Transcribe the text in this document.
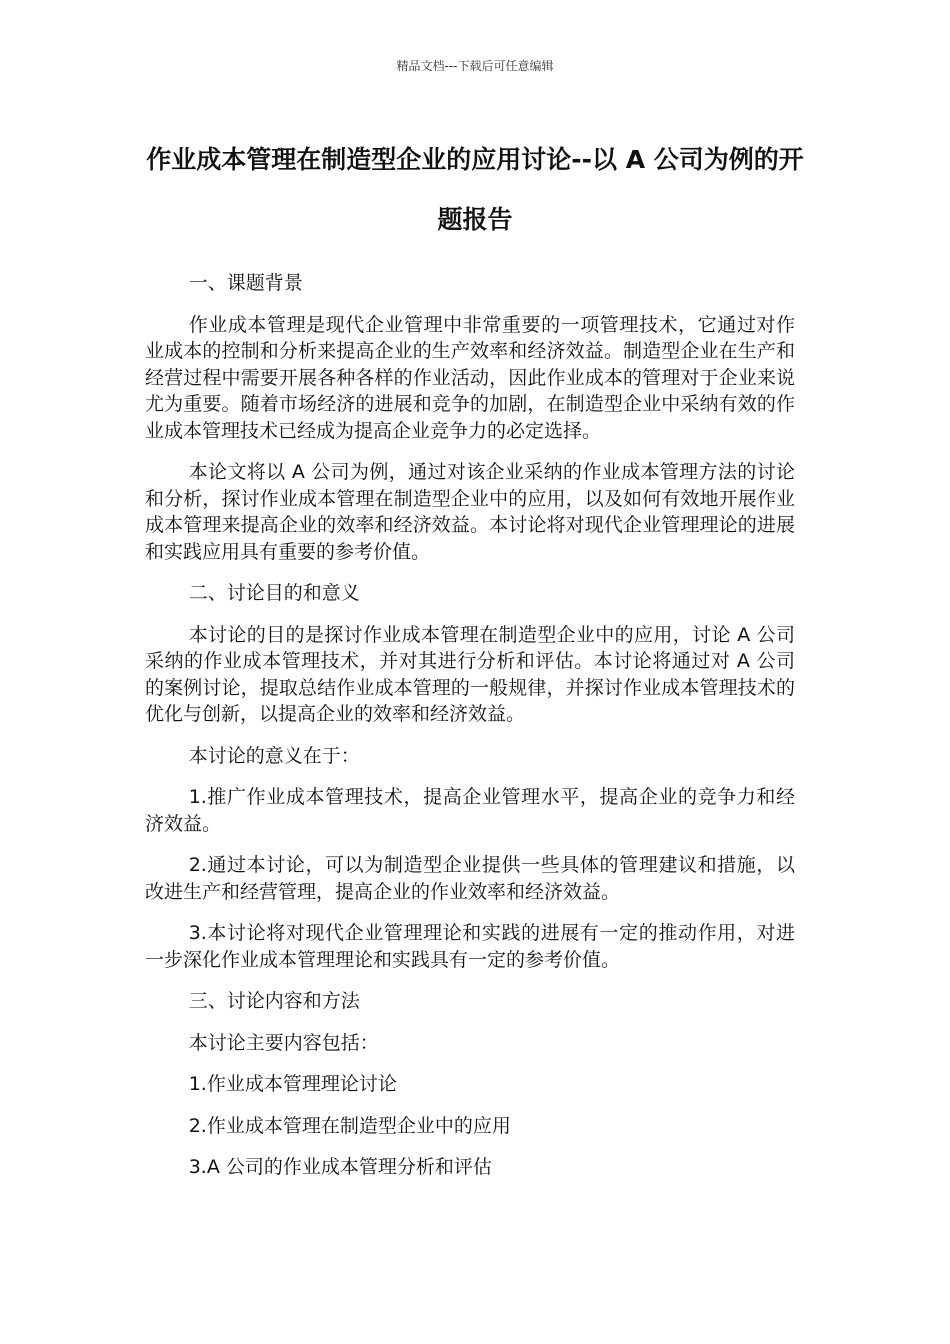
精品文档---下载后可任意编辑
作业成本管理在制造型企业的应用讨论--以 A 公司为例的开题报告

一、课题背景

作业成本管理是现代企业管理中非常重要的一项管理技术，它通过对作业成本的控制和分析来提高企业的生产效率和经济效益。制造型企业在生产和经营过程中需要开展各种各样的作业活动，因此作业成本的管理对于企业来说尤为重要。随着市场经济的进展和竞争的加剧，在制造型企业中采纳有效的作业成本管理技术已经成为提高企业竞争力的必定选择。

本论文将以 A 公司为例，通过对该企业采纳的作业成本管理方法的讨论和分析，探讨作业成本管理在制造型企业中的应用，以及如何有效地开展作业成本管理来提高企业的效率和经济效益。本讨论将对现代企业管理理论的进展和实践应用具有重要的参考价值。

二、讨论目的和意义

本讨论的目的是探讨作业成本管理在制造型企业中的应用，讨论 A 公司采纳的作业成本管理技术，并对其进行分析和评估。本讨论将通过对 A 公司的案例讨论，提取总结作业成本管理的一般规律，并探讨作业成本管理技术的优化与创新，以提高企业的效率和经济效益。

本讨论的意义在于：

1.推广作业成本管理技术，提高企业管理水平，提高企业的竞争力和经济效益。

2.通过本讨论，可以为制造型企业提供一些具体的管理建议和措施，以改进生产和经营管理，提高企业的作业效率和经济效益。

3.本讨论将对现代企业管理理论和实践的进展有一定的推动作用，对进一步深化作业成本管理理论和实践具有一定的参考价值。

三、讨论内容和方法

本讨论主要内容包括：

1.作业成本管理理论讨论

2.作业成本管理在制造型企业中的应用

3.A 公司的作业成本管理分析和评估
